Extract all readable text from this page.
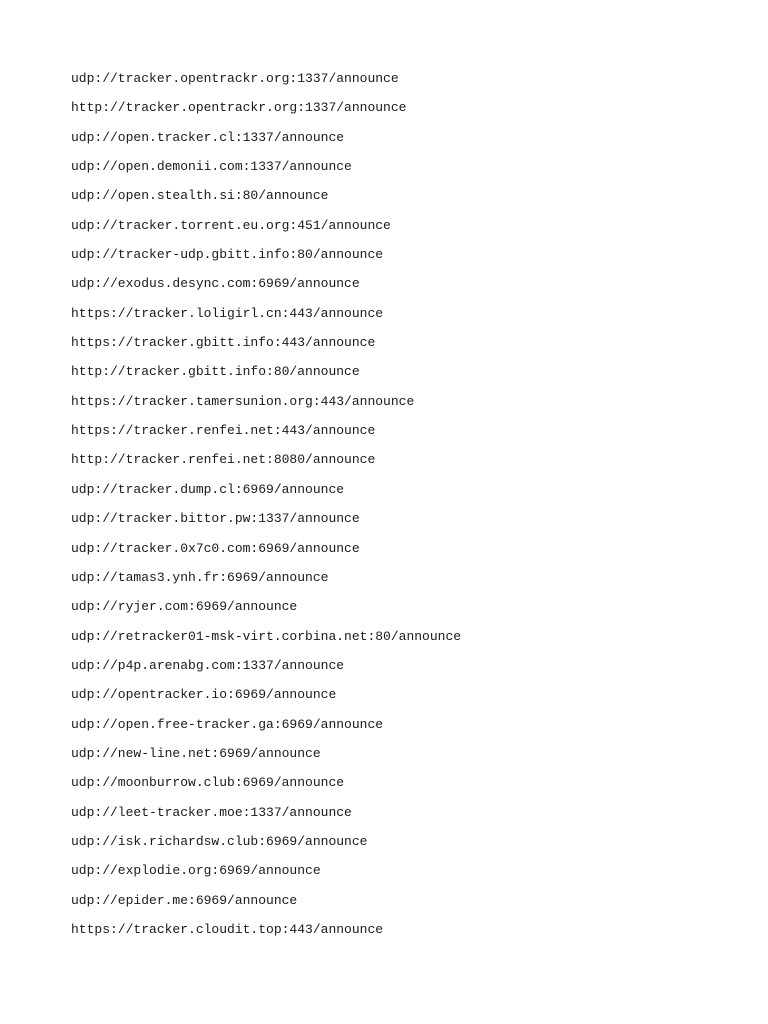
udp://tracker.opentrackr.org:1337/announce
http://tracker.opentrackr.org:1337/announce
udp://open.tracker.cl:1337/announce
udp://open.demonii.com:1337/announce
udp://open.stealth.si:80/announce
udp://tracker.torrent.eu.org:451/announce
udp://tracker-udp.gbitt.info:80/announce
udp://exodus.desync.com:6969/announce
https://tracker.loligirl.cn:443/announce
https://tracker.gbitt.info:443/announce
http://tracker.gbitt.info:80/announce
https://tracker.tamersunion.org:443/announce
https://tracker.renfei.net:443/announce
http://tracker.renfei.net:8080/announce
udp://tracker.dump.cl:6969/announce
udp://tracker.bittor.pw:1337/announce
udp://tracker.0x7c0.com:6969/announce
udp://tamas3.ynh.fr:6969/announce
udp://ryjer.com:6969/announce
udp://retracker01-msk-virt.corbina.net:80/announce
udp://p4p.arenabg.com:1337/announce
udp://opentracker.io:6969/announce
udp://open.free-tracker.ga:6969/announce
udp://new-line.net:6969/announce
udp://moonburrow.club:6969/announce
udp://leet-tracker.moe:1337/announce
udp://isk.richardsw.club:6969/announce
udp://explodie.org:6969/announce
udp://epider.me:6969/announce
https://tracker.cloudit.top:443/announce
